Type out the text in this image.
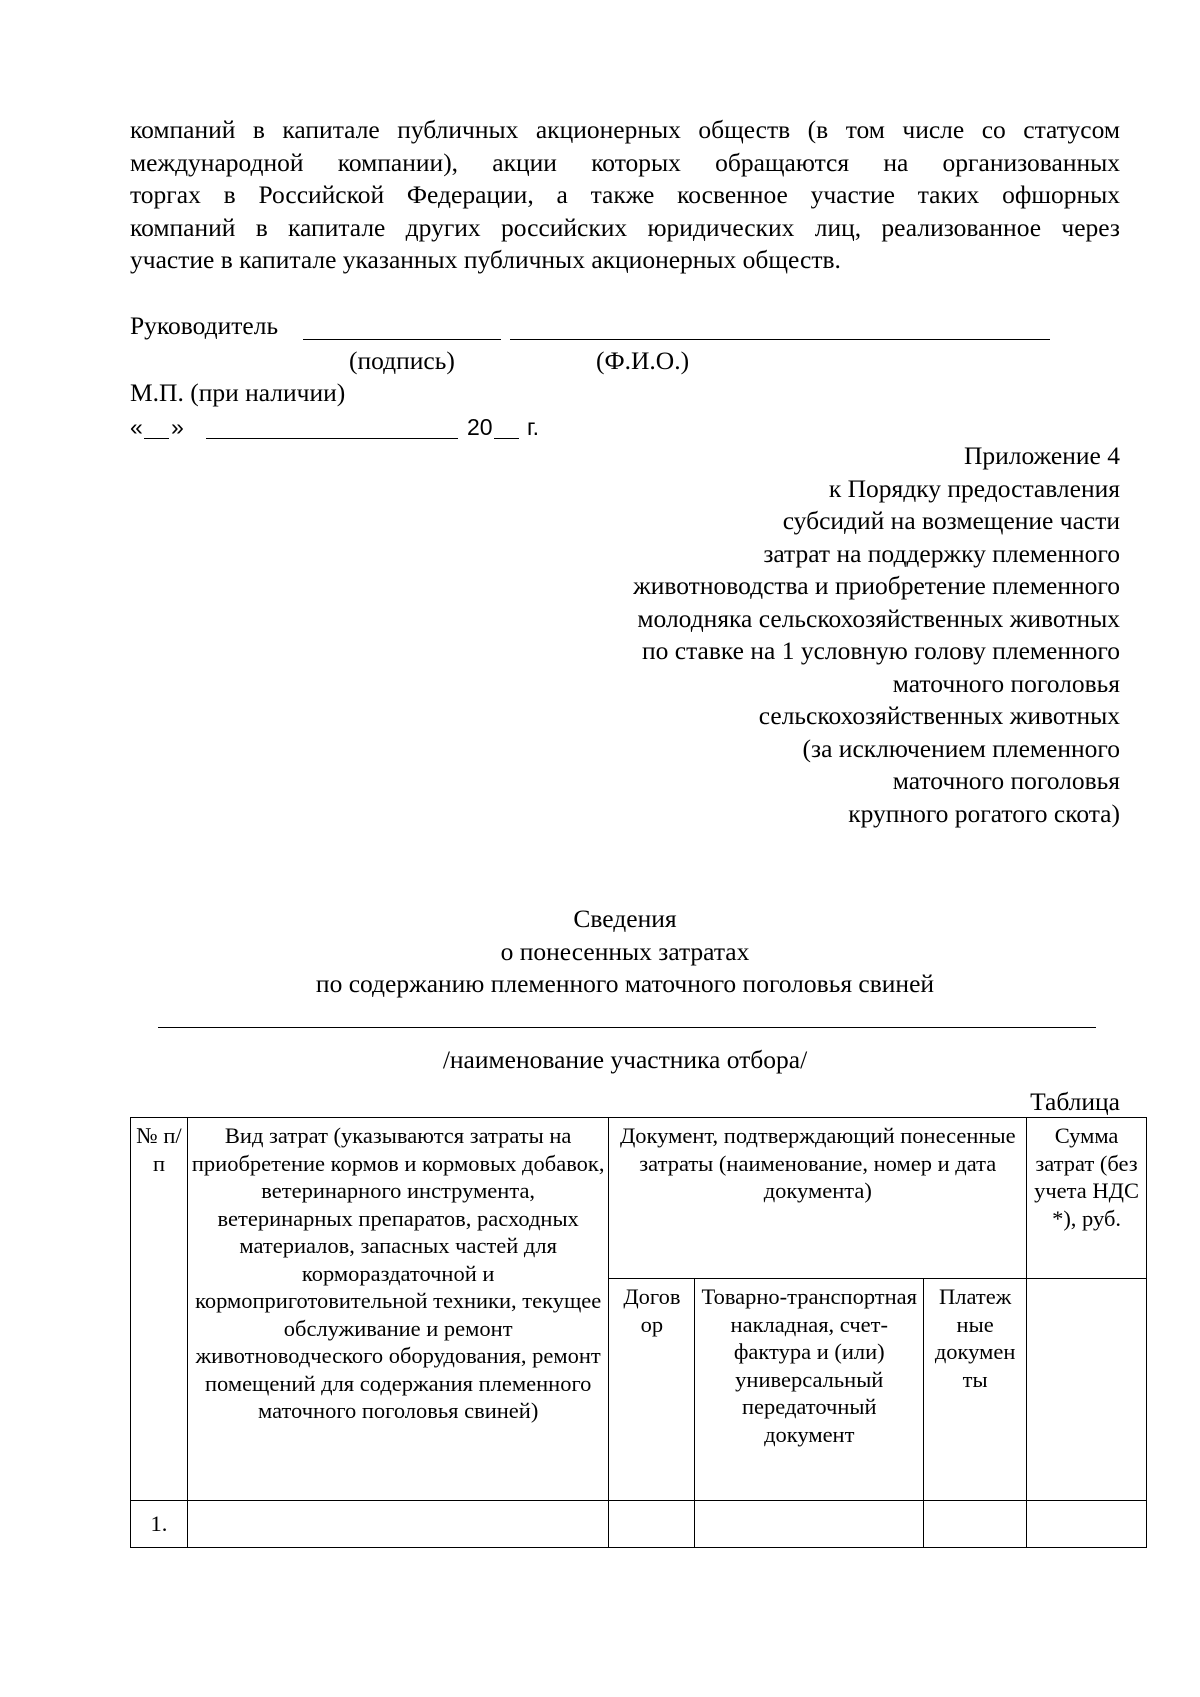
компаний в капитале публичных акционерных обществ (в том числе со статусом
международной компании), акции которых обращаются на организованных
торгах в Российской Федерации, а также косвенное участие таких офшорных
компаний в капитале других российских юридических лиц, реализованное через
участие в капитале указанных публичных акционерных обществ.
Руководитель
(подпись)	(Ф.И.О.)
М.П. (при наличии)
« »	20 г.
Приложение 4
к Порядку предоставления
субсидий на возмещение части
затрат на поддержку племенного
животноводства и приобретение племенного
молодняка сельскохозяйственных животных
по ставке на 1 условную голову племенного
маточного поголовья
сельскохозяйственных животных
(за исключением племенного
маточного поголовья
крупного рогатого скота)
Сведения
о понесенных затратах
по содержанию племенного маточного поголовья свиней
/наименование участника отбора/
Таблица
№ п/п	Вид затрат (указываются затраты на приобретение кормов и кормовых добавок, ветеринарного инструмента, ветеринарных препаратов, расходных материалов, запасных частей для кормораздаточной и кормоприготовительной техники, текущее обслуживание и ремонт животноводческого оборудования, ремонт помещений для содержания племенного маточного поголовья свиней)	Документ, подтверждающий понесенные затраты (наименование, номер и дата документа)			Сумма затрат (без учета НДС *), руб.
		Догов ор	Товарно-транспортная накладная, счет-фактура и (или) универсальный передаточный документ	Платеж ные докумен ты	
1.					
